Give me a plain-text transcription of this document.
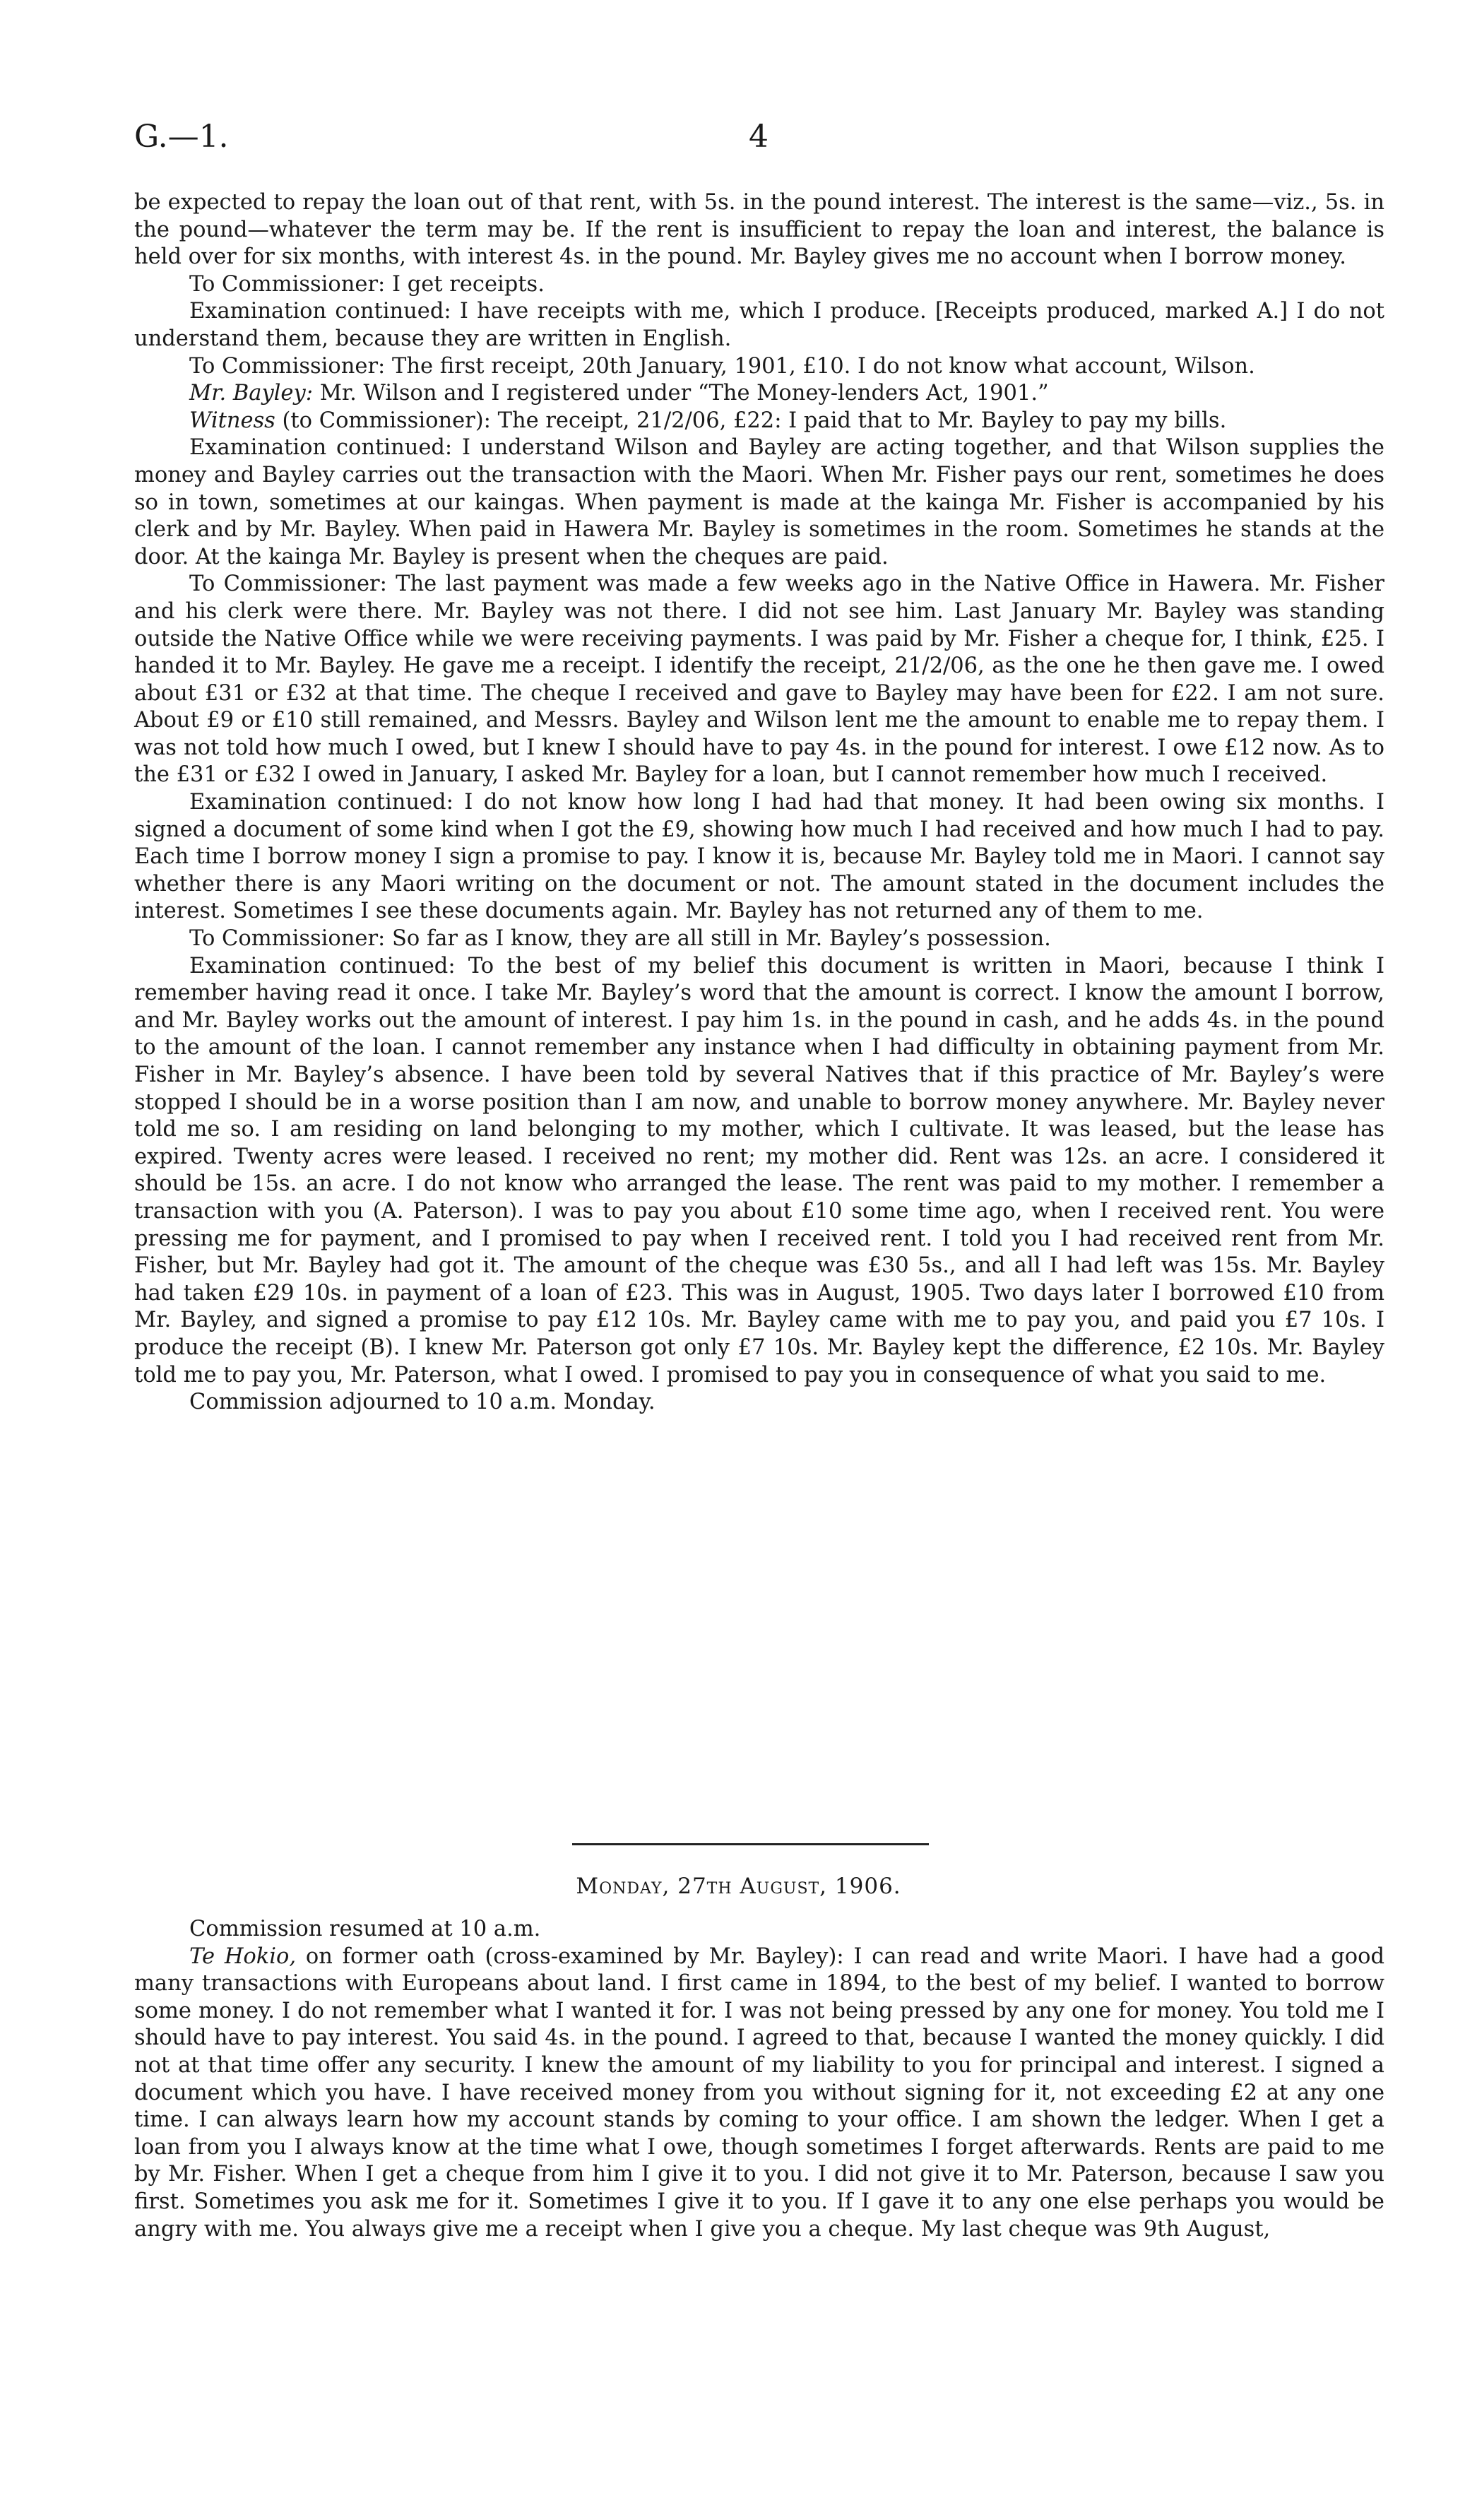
G.—1.	4

be expected to repay the loan out of that rent, with 5s. in the pound interest. The interest is the same—viz., 5s. in the pound—whatever the term may be. If the rent is insufficient to repay the loan and interest, the balance is held over for six months, with interest 4s. in the pound. Mr. Bayley gives me no account when I borrow money.

To Commissioner: I get receipts.

Examination continued: I have receipts with me, which I produce. [Receipts produced, marked A.] I do not understand them, because they are written in English.

To Commissioner: The first receipt, 20th January, 1901, £10. I do not know what account, Wilson.

Mr. Bayley: Mr. Wilson and I registered under “The Money-lenders Act, 1901.”

Witness (to Commissioner): The receipt, 21/2/06, £22: I paid that to Mr. Bayley to pay my bills.

Examination continued: I understand Wilson and Bayley are acting together, and that Wilson supplies the money and Bayley carries out the transaction with the Maori. When Mr. Fisher pays our rent, sometimes he does so in town, sometimes at our kaingas. When payment is made at the kainga Mr. Fisher is accompanied by his clerk and by Mr. Bayley. When paid in Hawera Mr. Bayley is sometimes in the room. Sometimes he stands at the door. At the kainga Mr. Bayley is present when the cheques are paid.

To Commissioner: The last payment was made a few weeks ago in the Native Office in Hawera. Mr. Fisher and his clerk were there. Mr. Bayley was not there. I did not see him. Last January Mr. Bayley was standing outside the Native Office while we were receiving payments. I was paid by Mr. Fisher a cheque for, I think, £25. I handed it to Mr. Bayley. He gave me a receipt. I identify the receipt, 21/2/06, as the one he then gave me. I owed about £31 or £32 at that time. The cheque I received and gave to Bayley may have been for £22. I am not sure. About £9 or £10 still remained, and Messrs. Bayley and Wilson lent me the amount to enable me to repay them. I was not told how much I owed, but I knew I should have to pay 4s. in the pound for interest. I owe £12 now. As to the £31 or £32 I owed in January, I asked Mr. Bayley for a loan, but I cannot remember how much I received.

Examination continued: I do not know how long I had had that money. It had been owing six months. I signed a document of some kind when I got the £9, showing how much I had received and how much I had to pay. Each time I borrow money I sign a promise to pay. I know it is, because Mr. Bayley told me in Maori. I cannot say whether there is any Maori writing on the document or not. The amount stated in the document includes the interest. Sometimes I see these documents again. Mr. Bayley has not returned any of them to me.

To Commissioner: So far as I know, they are all still in Mr. Bayley’s possession.

Examination continued: To the best of my belief this document is written in Maori, because I think I remember having read it once. I take Mr. Bayley’s word that the amount is correct. I know the amount I borrow, and Mr. Bayley works out the amount of interest. I pay him 1s. in the pound in cash, and he adds 4s. in the pound to the amount of the loan. I cannot remember any instance when I had difficulty in obtaining payment from Mr. Fisher in Mr. Bayley’s absence. I have been told by several Natives that if this practice of Mr. Bayley’s were stopped I should be in a worse position than I am now, and unable to borrow money anywhere. Mr. Bayley never told me so. I am residing on land belonging to my mother, which I cultivate. It was leased, but the lease has expired. Twenty acres were leased. I received no rent; my mother did. Rent was 12s. an acre. I considered it should be 15s. an acre. I do not know who arranged the lease. The rent was paid to my mother. I remember a transaction with you (A. Paterson). I was to pay you about £10 some time ago, when I received rent. You were pressing me for payment, and I promised to pay when I received rent. I told you I had received rent from Mr. Fisher, but Mr. Bayley had got it. The amount of the cheque was £30 5s., and all I had left was 15s. Mr. Bayley had taken £29 10s. in payment of a loan of £23. This was in August, 1905. Two days later I borrowed £10 from Mr. Bayley, and signed a promise to pay £12 10s. Mr. Bayley came with me to pay you, and paid you £7 10s. I produce the receipt (B). I knew Mr. Paterson got only £7 10s. Mr. Bayley kept the difference, £2 10s. Mr. Bayley told me to pay you, Mr. Paterson, what I owed. I promised to pay you in consequence of what you said to me.

Commission adjourned to 10 a.m. Monday.

Monday, 27th August, 1906.

Commission resumed at 10 a.m.

Te Hokio, on former oath (cross-examined by Mr. Bayley): I can read and write Maori. I have had a good many transactions with Europeans about land. I first came in 1894, to the best of my belief. I wanted to borrow some money. I do not remember what I wanted it for. I was not being pressed by any one for money. You told me I should have to pay interest. You said 4s. in the pound. I agreed to that, because I wanted the money quickly. I did not at that time offer any security. I knew the amount of my liability to you for principal and interest. I signed a document which you have. I have received money from you without signing for it, not exceeding £2 at any one time. I can always learn how my account stands by coming to your office. I am shown the ledger. When I get a loan from you I always know at the time what I owe, though sometimes I forget afterwards. Rents are paid to me by Mr. Fisher. When I get a cheque from him I give it to you. I did not give it to Mr. Paterson, because I saw you first. Sometimes you ask me for it. Sometimes I give it to you. If I gave it to any one else perhaps you would be angry with me. You always give me a receipt when I give you a cheque. My last cheque was 9th August,
